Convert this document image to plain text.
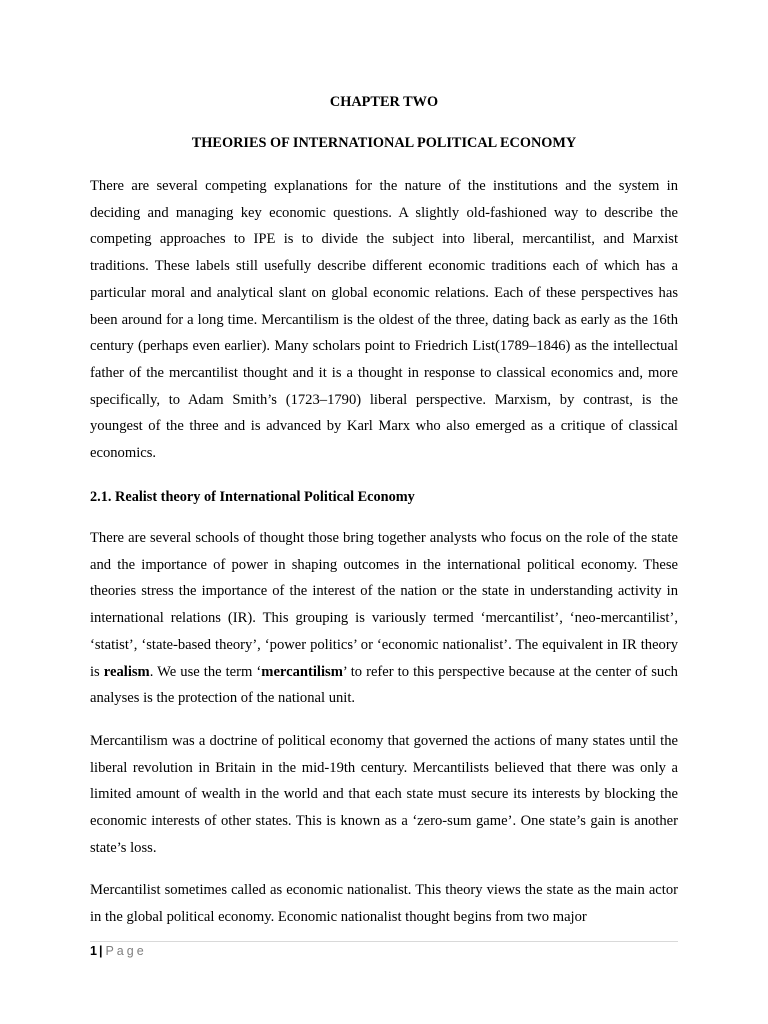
CHAPTER TWO
THEORIES OF INTERNATIONAL POLITICAL ECONOMY

There are several competing explanations for the nature of the institutions and the system in deciding and managing key economic questions. A slightly old-fashioned way to describe the competing approaches to IPE is to divide the subject into liberal, mercantilist, and Marxist traditions. These labels still usefully describe different economic traditions each of which has a particular moral and analytical slant on global economic relations. Each of these perspectives has been around for a long time. Mercantilism is the oldest of the three, dating back as early as the 16th century (perhaps even earlier). Many scholars point to Friedrich List(1789–1846) as the intellectual father of the mercantilist thought and it is a thought in response to classical economics and, more specifically, to Adam Smith’s (1723–1790) liberal perspective. Marxism, by contrast, is the youngest of the three and is advanced by Karl Marx who also emerged as a critique of classical economics.

2.1. Realist theory of International Political Economy

There are several schools of thought those bring together analysts who focus on the role of the state and the importance of power in shaping outcomes in the international political economy. These theories stress the importance of the interest of the nation or the state in understanding activity in international relations (IR). This grouping is variously termed ‘mercantilist’, ‘neo-mercantilist’, ‘statist’, ‘state-based theory’, ‘power politics’ or ‘economic nationalist’. The equivalent in IR theory is realism. We use the term ‘mercantilism’ to refer to this perspective because at the center of such analyses is the protection of the national unit.

Mercantilism was a doctrine of political economy that governed the actions of many states until the liberal revolution in Britain in the mid-19th century. Mercantilists believed that there was only a limited amount of wealth in the world and that each state must secure its interests by blocking the economic interests of other states. This is known as a ‘zero-sum game’. One state’s gain is another state’s loss.

Mercantilist sometimes called as economic nationalist. This theory views the state as the main actor in the global political economy. Economic nationalist thought begins from two major

1 | Page
